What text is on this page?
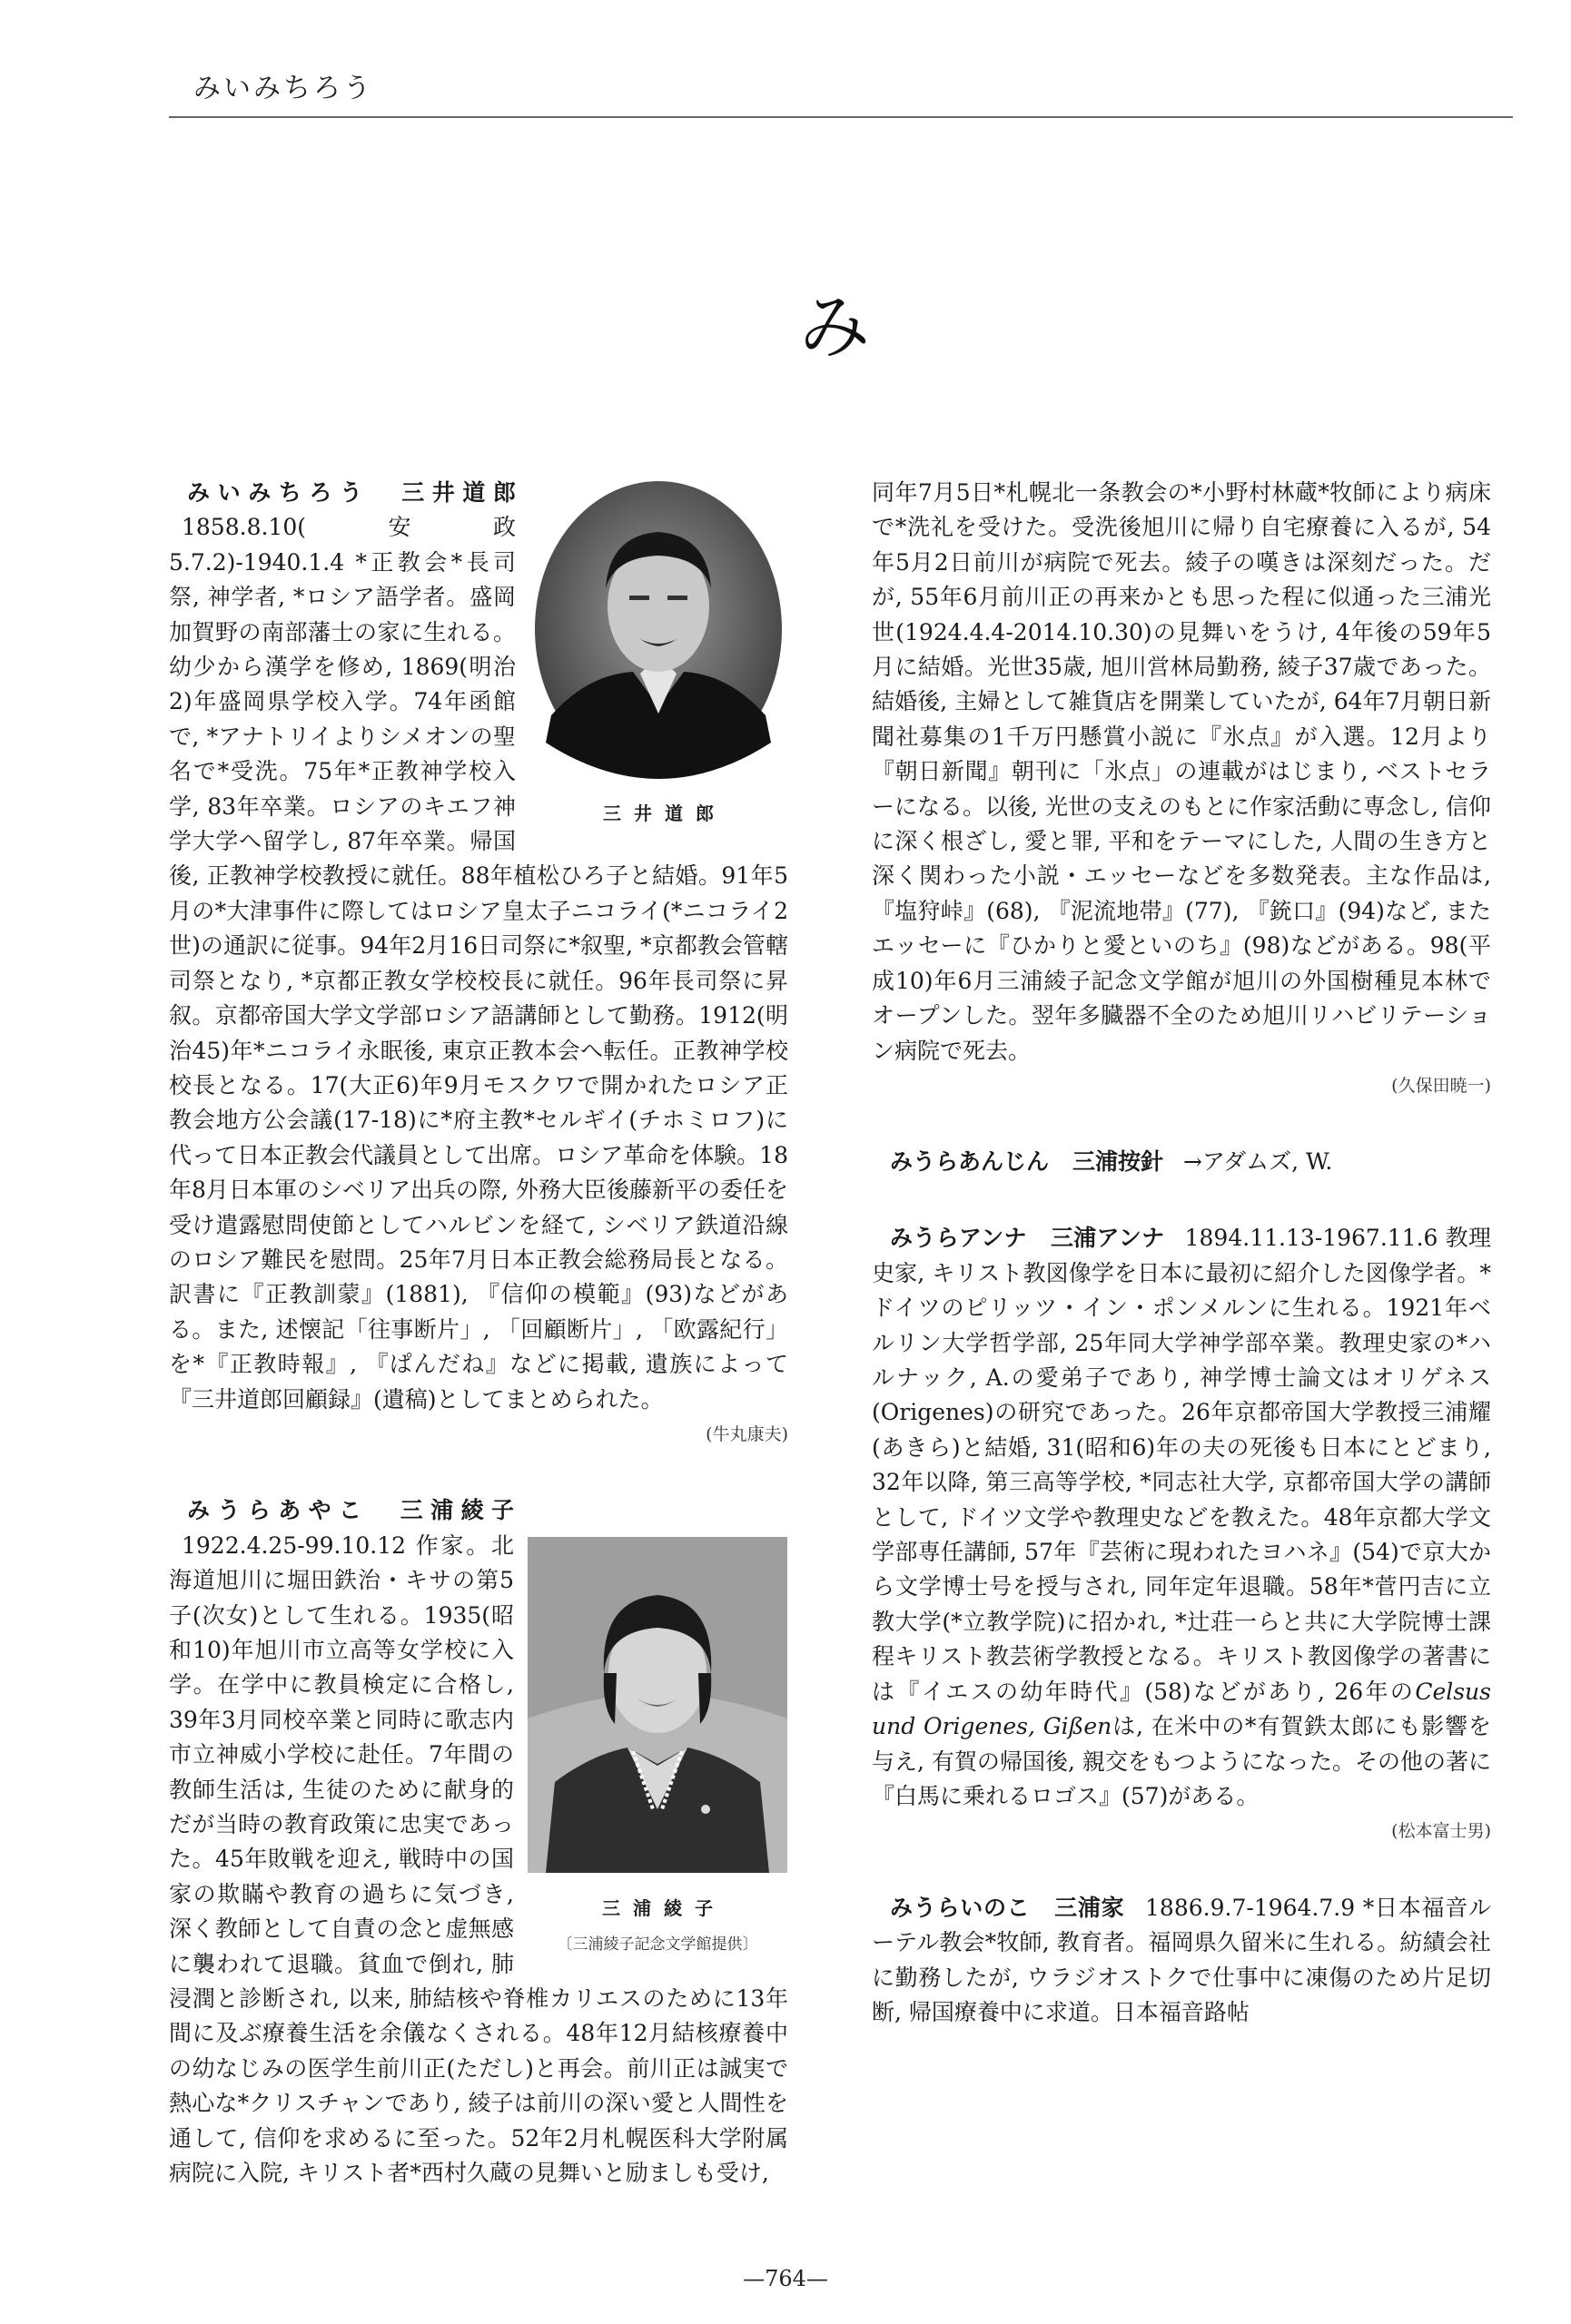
みいみちろう
み
三井道郎

みいみちろう 三井道郎 1858.8.10(安政5.7.2)-1940.1.4 *正教会*長司祭, 神学者, *ロシア語学者。盛岡加賀野の南部藩士の家に生れる。幼少から漢学を修め, 1869(明治2)年盛岡県学校入学。74年函館で, *アナトリイよりシメオンの聖名で*受洗。75年*正教神学校入学, 83年卒業。ロシアのキエフ神学大学へ留学し, 87年卒業。帰国後, 正教神学校教授に就任。88年植松ひろ子と結婚。91年5月の*大津事件に際してはロシア皇太子ニコライ(*ニコライ2世)の通訳に従事。94年2月16日司祭に*叙聖, *京都教会管轄司祭となり, *京都正教女学校校長に就任。96年長司祭に昇叙。京都帝国大学文学部ロシア語講師として勤務。1912(明治45)年*ニコライ永眠後, 東京正教本会へ転任。正教神学校校長となる。17(大正6)年9月モスクワで開かれたロシア正教会地方公会議(17-18)に*府主教*セルギイ(チホミロフ)に代って日本正教会代議員として出席。ロシア革命を体験。18年8月日本軍のシベリア出兵の際, 外務大臣後藤新平の委任を受け遣露慰問使節としてハルビンを経て, シベリア鉄道沿線のロシア難民を慰問。25年7月日本正教会総務局長となる。訳書に『正教訓蒙』(1881), 『信仰の模範』(93)などがある。また, 述懐記「往事断片」, 「回顧断片」, 「欧露紀行」を*『正教時報』, 『ぱんだね』などに掲載, 遺族によって『三井道郎回顧録』(遺稿)としてまとめられた。
(牛丸康夫)

みうらあやこ 三浦綾子
三浦綾子
〔三浦綾子記念文学館提供〕
1922.4.25-99.10.12 作家。北海道旭川に堀田鉄治・キサの第5子(次女)として生れる。1935(昭和10)年旭川市立高等女学校に入学。在学中に教員検定に合格し, 39年3月同校卒業と同時に歌志内市立神威小学校に赴任。7年間の教師生活は, 生徒のために献身的だが当時の教育政策に忠実であった。45年敗戦を迎え, 戦時中の国家の欺瞞や教育の過ちに気づき, 深く教師として自責の念と虚無感に襲われて退職。貧血で倒れ, 肺浸潤と診断され, 以来, 肺結核や脊椎カリエスのために13年間に及ぶ療養生活を余儀なくされる。48年12月結核療養中の幼なじみの医学生前川正(ただし)と再会。前川正は誠実で熱心な*クリスチャンであり, 綾子は前川の深い愛と人間性を通して, 信仰を求めるに至った。52年2月札幌医科大学附属病院に入院, キリスト者*西村久蔵の見舞いと励ましも受け,

みうらあんじん 三浦按針 →アダムズ, W.

みうらアンナ 三浦アンナ 1894.11.13-1967.11.6 教理史家, キリスト教図像学を日本に最初に紹介した図像学者。*ドイツのピリッツ・イン・ポンメルンに生れる。1921年ベルリン大学哲学部, 25年同大学神学部卒業。教理史家の*ハルナック, A.の愛弟子であり, 神学博士論文はオリゲネス(Origenes)の研究であった。26年京都帝国大学教授三浦耀(あきら)と結婚, 31(昭和6)年の夫の死後も日本にとどまり, 32年以降, 第三高等学校, *同志社大学, 京都帝国大学の講師として, ドイツ文学や教理史などを教えた。48年京都大学文学部専任講師, 57年『芸術に現われたヨハネ』(54)で京大から文学博士号を授与され, 同年定年退職。58年*菅円吉に立教大学(*立教学院)に招かれ, *辻荘一らと共に大学院博士課程キリスト教芸術学教授となる。キリスト教図像学の著書には『イエスの幼年時代』(58)などがあり, 26年のCelsus und Origenes, Gißenは, 在米中の*有賀鉄太郎にも影響を与え, 有賀の帰国後, 親交をもつようになった。その他の著に『白馬に乗れるロゴス』(57)がある。
(松本富士男)

みうらいのこ 三浦家 1886.9.7-1964.7.9 *日本福音ルーテル教会*牧師, 教育者。福岡県久留米に生れる。紡績会社に勤務したが, ウラジオストクで仕事中に凍傷のため片足切断, 帰国療養中に求道。日本福音路帖

—764—

同年7月5日*札幌北一条教会の*小野村林蔵*牧師により病床で*洗礼を受けた。受洗後旭川に帰り自宅療養に入るが, 54年5月2日前川が病院で死去。綾子の嘆きは深刻だった。だが, 55年6月前川正の再来かとも思った程に似通った三浦光世(1924.4.4-2014.10.30)の見舞いをうけ, 4年後の59年5月に結婚。光世35歳, 旭川営林局勤務, 綾子37歳であった。結婚後, 主婦として雑貨店を開業していたが, 64年7月朝日新聞社募集の1千万円懸賞小説に『氷点』が入選。12月より『朝日新聞』朝刊に「氷点」の連載がはじまり, ベストセラーになる。以後, 光世の支えのもとに作家活動に専念し, 信仰に深く根ざし, 愛と罪, 平和をテーマにした, 人間の生き方と深く関わった小説・エッセーなどを多数発表。主な作品は, 『塩狩峠』(68), 『泥流地帯』(77), 『銃口』(94)など, またエッセーに『ひかりと愛といのち』(98)などがある。98(平成10)年6月三浦綾子記念文学館が旭川の外国樹種見本林でオープンした。翌年多臓器不全のため旭川リハビリテーション病院で死去。
(久保田暁一)
